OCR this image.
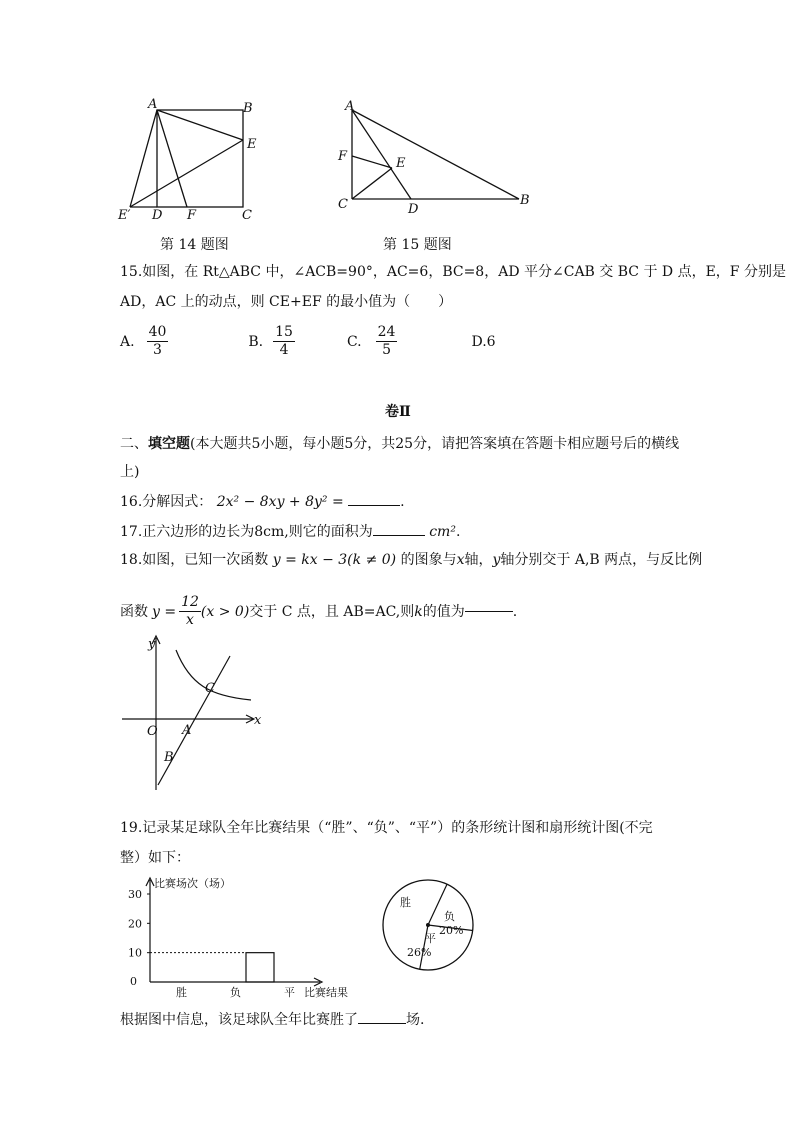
A	B
E
E′ D F	C
第 14 题图
A
F	E
C	D
B
第 15 题图
15.如图，在 Rt△ABC 中，∠ACB=90°，AC=6，BC=8，AD 平分∠CAB 交 BC 于 D 点，E，F 分别是
AD，AC 上的动点，则 CE+EF 的最小值为（　　）
A. $\frac{40}{3}$	B. $\frac{15}{4}$	C. $\frac{24}{5}$	D.6
卷Ⅱ
二、填空题(本大题共5小题，每小题5分，共25分，请把答案填在答题卡相应题号后的横线
上)
16.分解因式： 2x² − 8xy + 8y² =	.
17.正六边形的边长为8cm,则它的面积为	cm².
18.如图，已知一次函数 y = kx − 3(k ≠ 0) 的图象与x轴，y轴分别交于 A,B 两点，与反比例
函数 $y = \frac{12}{x} (x > 0)$ 交于 C 点，且 AB=AC,则 k 的值为	.
y
x
O A
B
C
19.记录某足球队全年比赛结果（“胜”、“负”、“平”）的条形统计图和扇形统计图(不完
整）如下：
比赛场次（场）
10
20
30
0
胜	负	平 比赛结果
胜
负
20%
平
26%
根据图中信息，该足球队全年比赛胜了	场.
